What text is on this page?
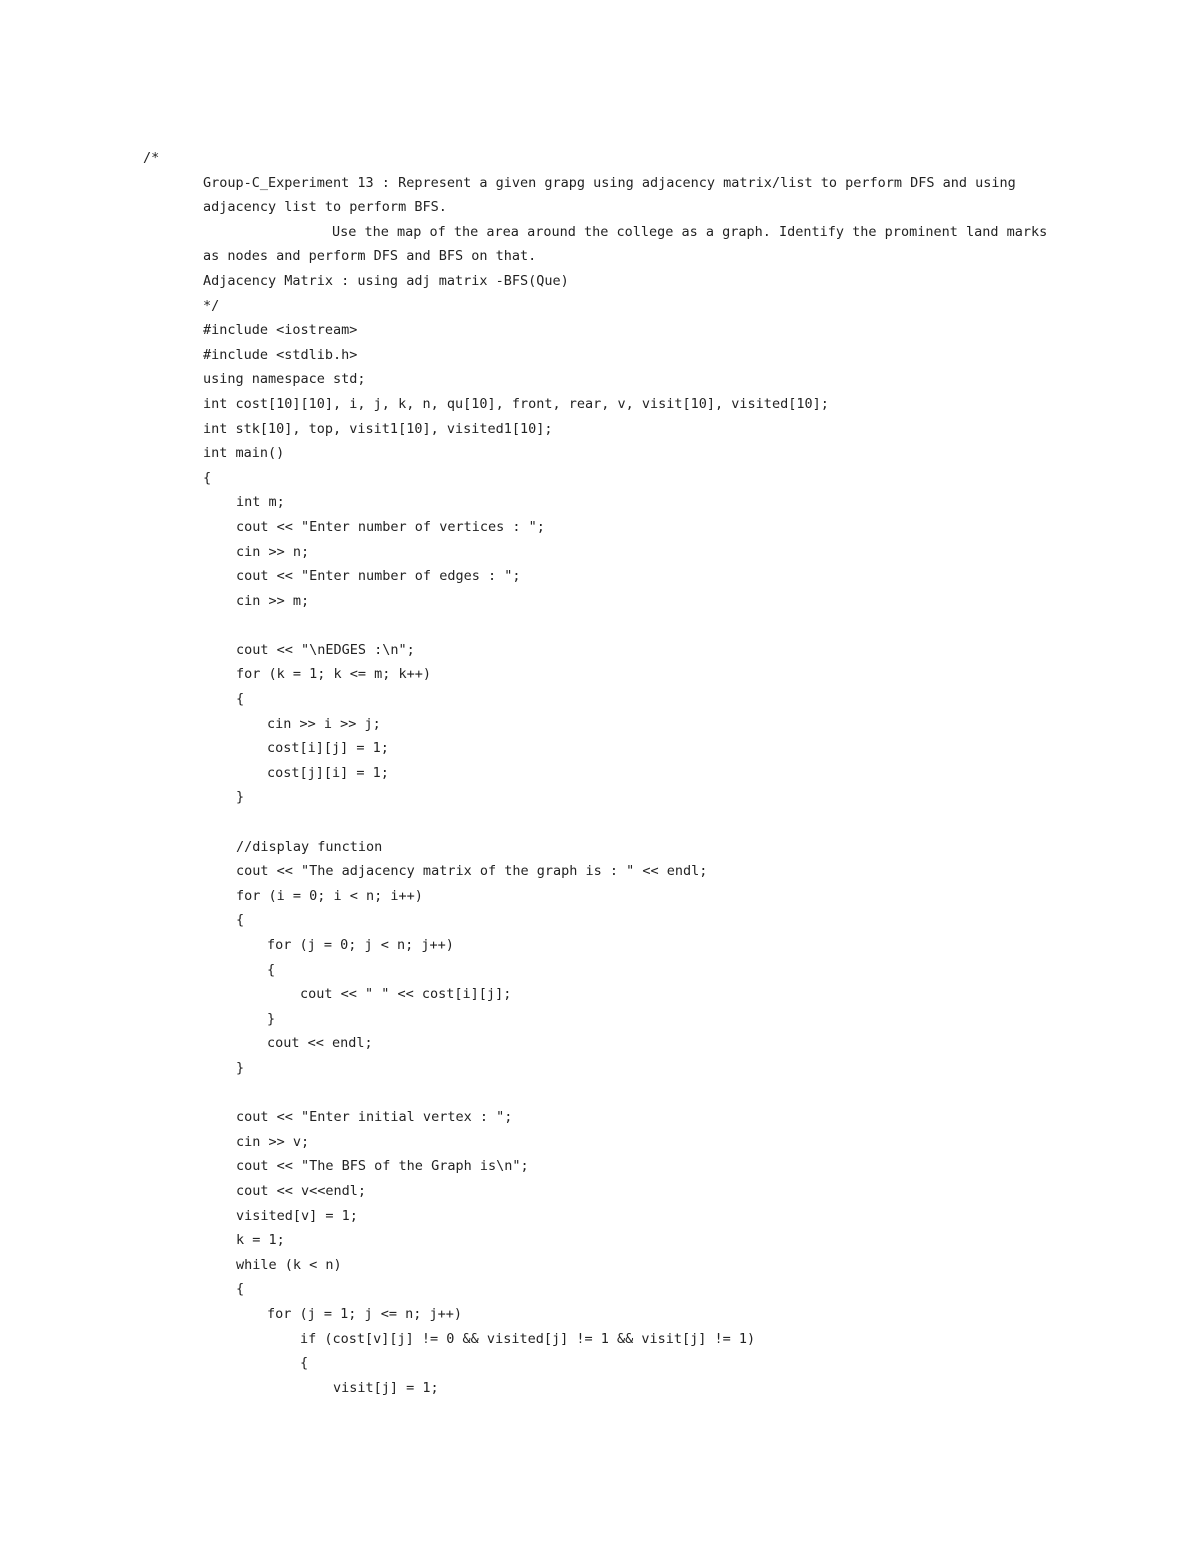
/*
Group-C_Experiment 13 : Represent a given grapg using adjacency matrix/list to perform DFS and using
adjacency list to perform BFS.
Use the map of the area around the college as a graph. Identify the prominent land marks
as nodes and perform DFS and BFS on that.
Adjacency Matrix : using adj matrix -BFS(Que)
*/
#include <iostream>
#include <stdlib.h>
using namespace std;
int cost[10][10], i, j, k, n, qu[10], front, rear, v, visit[10], visited[10];
int stk[10], top, visit1[10], visited1[10];
int main()
{
int m;
cout << "Enter number of vertices : ";
cin >> n;
cout << "Enter number of edges : ";
cin >> m;
cout << "\nEDGES :\n";
for (k = 1; k <= m; k++)
{
cin >> i >> j;
cost[i][j] = 1;
cost[j][i] = 1;
}
//display function
cout << "The adjacency matrix of the graph is : " << endl;
for (i = 0; i < n; i++)
{
for (j = 0; j < n; j++)
{
cout << " " << cost[i][j];
}
cout << endl;
}
cout << "Enter initial vertex : ";
cin >> v;
cout << "The BFS of the Graph is\n";
cout << v<<endl;
visited[v] = 1;
k = 1;
while (k < n)
{
for (j = 1; j <= n; j++)
if (cost[v][j] != 0 && visited[j] != 1 && visit[j] != 1)
{
visit[j] = 1;
